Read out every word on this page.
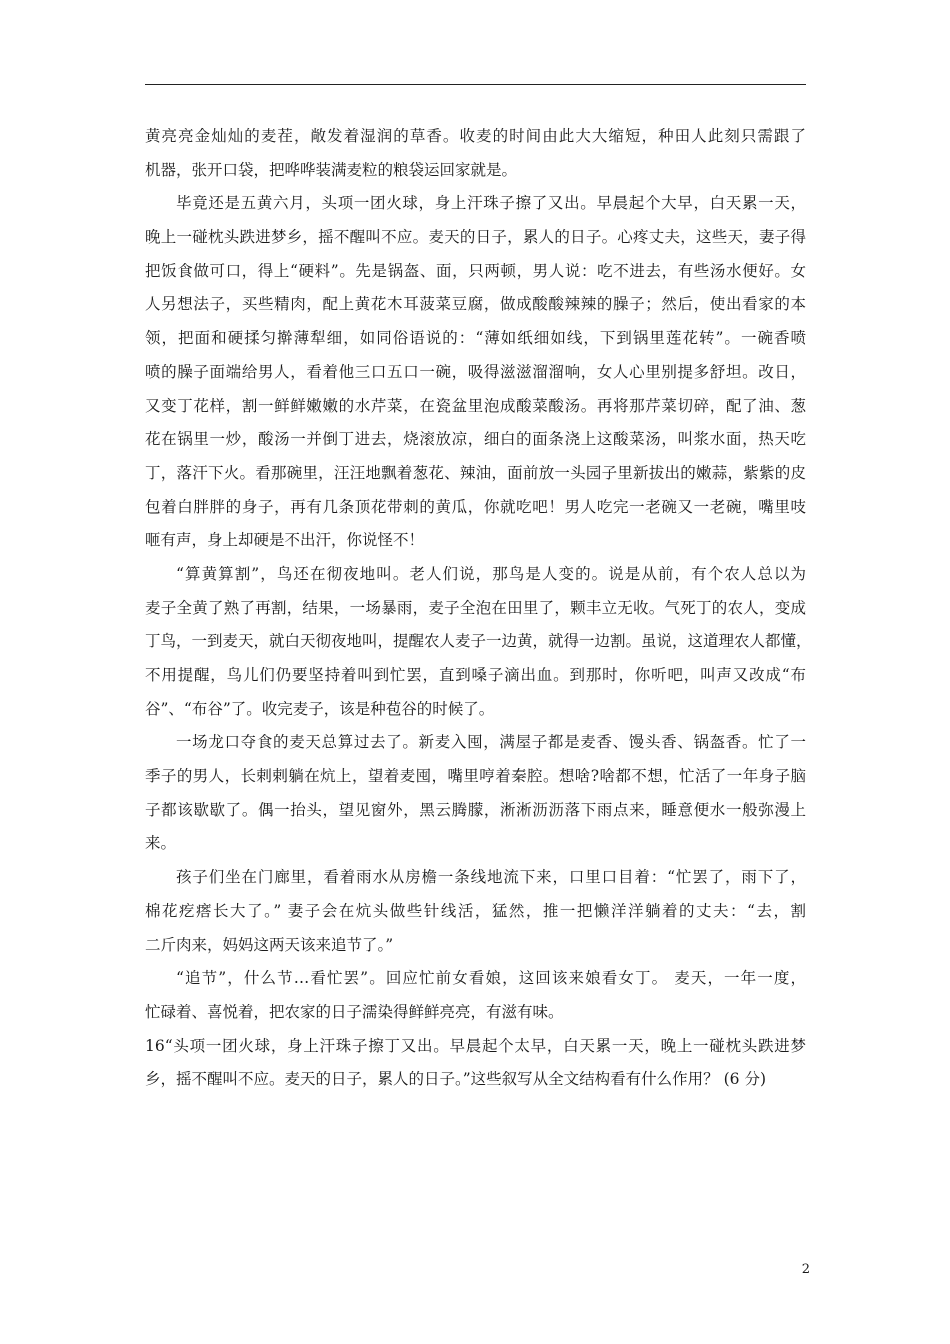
黄亮亮金灿灿的麦茬，敞发着湿润的草香。收麦的时间由此大大缩短，种田人此刻只需跟了
机器，张开口袋，把哗哗装满麦粒的粮袋运回家就是。
毕竟还是五黄六月，头项一团火球，身上汗珠子擦了又出。早晨起个大早，白天累一天，
晚上一碰枕头跌进梦乡，摇不醒叫不应。麦天的日子，累人的日子。心疼丈夫，这些天，妻子得
把饭食做可口，得上“硬料”。先是锅盔、面，只两顿，男人说：吃不进去，有些汤水便好。女
人另想法子，买些精肉，配上黄花木耳菠菜豆腐，做成酸酸辣辣的臊子；然后，使出看家的本
领，把面和硬揉匀擀薄犁细，如同俗语说的：“薄如纸细如线，下到锅里莲花转”。一碗香喷
喷的臊子面端给男人，看着他三口五口一碗，吸得滋滋溜溜响，女人心里别提多舒坦。改日，
又变丁花样，割一鲜鲜嫩嫩的水芹菜，在瓷盆里泡成酸菜酸汤。再将那芹菜切碎，配了油、葱
花在锅里一炒，酸汤一并倒丁进去，烧滚放凉，细白的面条浇上这酸菜汤，叫浆水面，热天吃
丁，落汗下火。看那碗里，汪汪地飘着葱花、辣油，面前放一头园子里新拔出的嫩蒜，紫紫的皮
包着白胖胖的身子，再有几条顶花带刺的黄瓜，你就吃吧！男人吃完一老碗又一老碗，嘴里吱
咂有声，身上却硬是不出汗，你说怪不！
“算黄算割”，鸟还在彻夜地叫。老人们说，那鸟是人变的。说是从前，有个农人总以为
麦子全黄了熟了再割，结果，一场暴雨，麦子全泡在田里了，颗丰立无收。气死丁的农人，变成
丁鸟，一到麦天，就白天彻夜地叫，提醒农人麦子一边黄，就得一边割。虽说，这道理农人都懂，
不用提醒，鸟儿们仍要坚持着叫到忙罢，直到嗓子滴出血。到那时，你听吧，叫声又改成“布
谷”、“布谷”了。收完麦子，该是种苞谷的时候了。
一场龙口夺食的麦天总算过去了。新麦入囤，满屋子都是麦香、馒头香、锅盔香。忙了一
季子的男人，长剌剌躺在炕上，望着麦囤，嘴里哼着秦腔。想啥?啥都不想，忙活了一年身子脑
子都该歇歇了。偶一抬头，望见窗外，黑云腾朦，淅淅沥沥落下雨点来，睡意便水一般弥漫上
来。
孩子们坐在门廊里，看着雨水从房檐一条线地流下来，口里口目着：“忙罢了，雨下了，
棉花疙瘩长大了。” 妻子会在炕头做些针线活，猛然，推一把懒洋洋躺着的丈夫：“去，割
二斤肉来，妈妈这两天该来追节了。”
“追节”，什么节…看忙罢”。回应忙前女看娘，这回该来娘看女丁。 麦天，一年一度，
忙碌着、喜悦着，把农家的日子濡染得鲜鲜亮亮，有滋有味。
16“头项一团火球，身上汗珠子擦丁又出。早晨起个太早，白天累一天，晚上一碰枕头跌进梦
乡，摇不醒叫不应。麦天的日子，累人的日子。”这些叙写从全文结构看有什么作用？ (6 分)
2
